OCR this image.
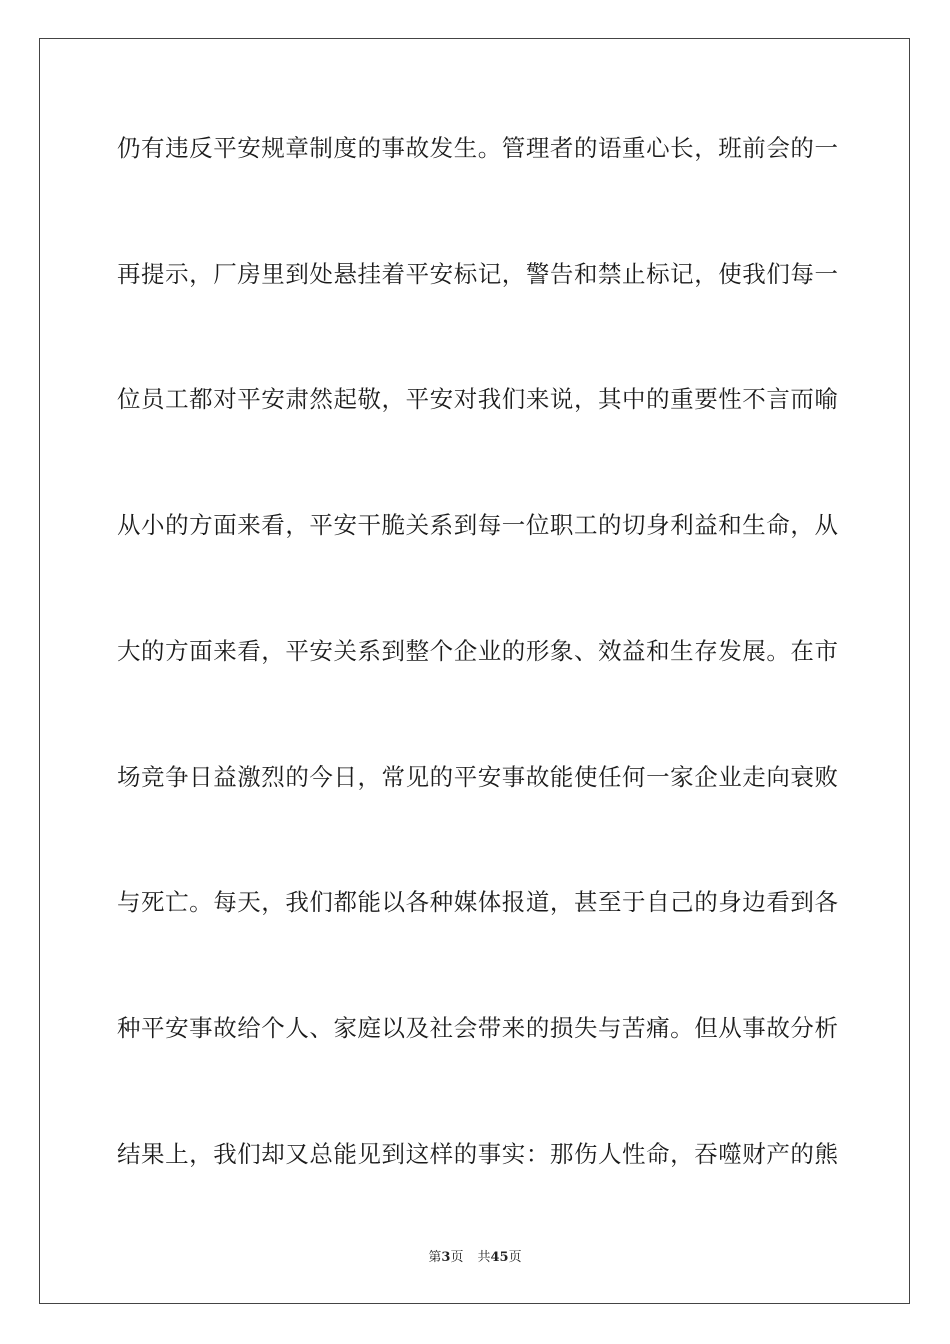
仍有违反平安规章制度的事故发生。管理者的语重心长，班前会的一
再提示，厂房里到处悬挂着平安标记，警告和禁止标记，使我们每一
位员工都对平安肃然起敬，平安对我们来说，其中的重要性不言而喻
从小的方面来看，平安干脆关系到每一位职工的切身利益和生命，从
大的方面来看，平安关系到整个企业的形象、效益和生存发展。在市
场竞争日益激烈的今日，常见的平安事故能使任何一家企业走向衰败
与死亡。每天，我们都能以各种媒体报道，甚至于自己的身边看到各
种平安事故给个人、家庭以及社会带来的损失与苦痛。但从事故分析
结果上，我们却又总能见到这样的事实：那伤人性命，吞噬财产的熊
第3页 共45页
